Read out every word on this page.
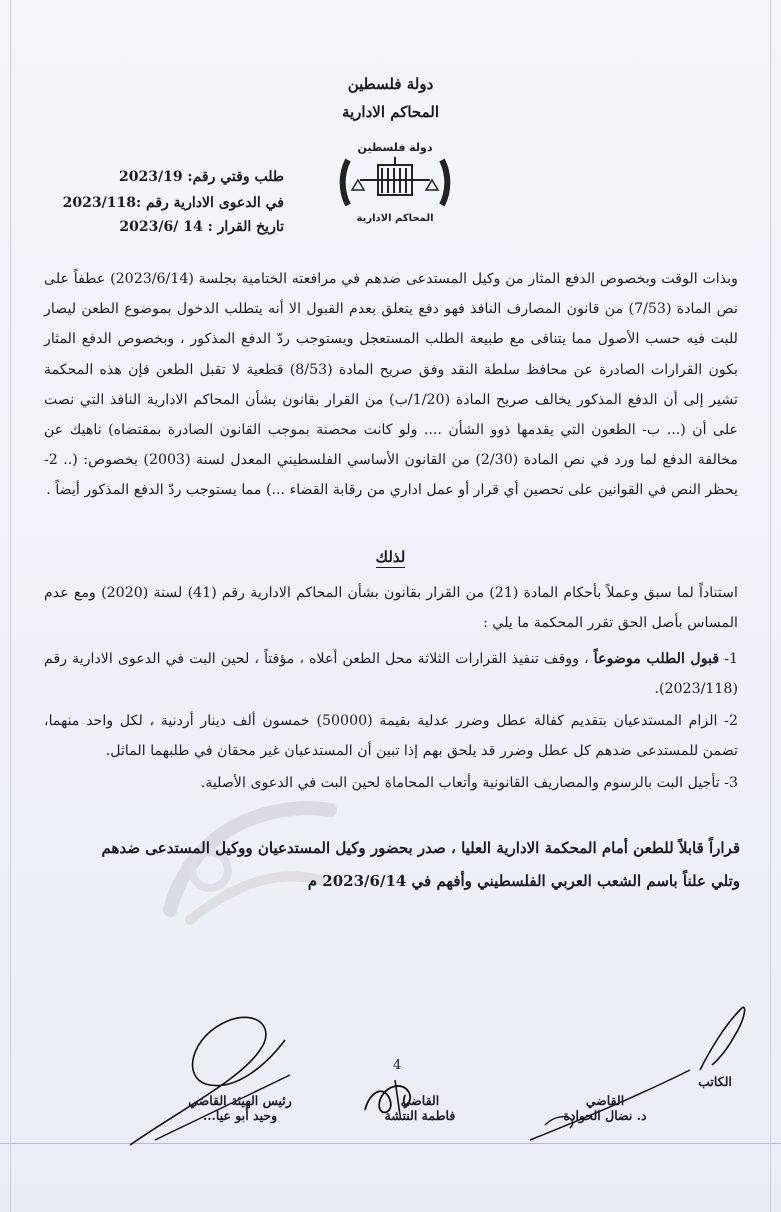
دولة فلسطين
المحاكم الادارية
دولة فلسطين
المحاكم الادارية
طلب وقتي رقم: 2023/19
في الدعوى الادارية رقم :2023/118
تاريخ القرار : 14 /2023/6
وبذات الوقت وبخصوص الدفع المثار من وكيل المستدعى ضدهم في مرافعته الختامية بجلسة (2023/6/14) عطفاً على نص المادة (7/53) من قانون المصارف النافذ فهو دفع يتعلق بعدم القبول الا أنه يتطلب الدخول بموضوع الطعن ليصار للبت فيه حسب الأصول مما يتنافى مع طبيعة الطلب المستعجل ويستوجب ردّ الدفع المذكور ، وبخصوص الدفع المثار بكون القرارات الصادرة عن محافظ سلطة النقد وفق صريح المادة (8/53) قطعية لا تقبل الطعن فإن هذه المحكمة تشير إلى أن الدفع المذكور يخالف صريح المادة (1/20/ب) من القرار بقانون بشأن المحاكم الادارية النافذ التي نصت على أن (... ب- الطعون التي يقدمها ذوو الشأن .... ولو كانت محصنة بموجب القانون الصادرة بمقتضاه) ناهيك عن مخالفة الدفع لما ورد في نص المادة (2/30) من القانون الأساسي الفلسطيني المعدل لسنة (2003) بخصوص: (.. 2- يحظر النص في القوانين على تحصين أي قرار أو عمل اداري من رقابة القضاء ...) مما يستوجب ردّ الدفع المذكور أيضاً .
لذلك
استناداً لما سبق وعملاً بأحكام المادة (21) من القرار بقانون بشأن المحاكم الادارية رقم (41) لسنة (2020) ومع عدم المساس بأصل الحق تقرر المحكمة ما يلي :
1- قبول الطلب موضوعاً ، ووقف تنفيذ القرارات الثلاثة محل الطعن أعلاه ، مؤقتاً ، لحين البت في الدعوى الادارية رقم (2023/118).
2- الزام المستدعيان بتقديم كفالة عطل وضرر عدلية بقيمة (50000) خمسون ألف دينار أردنية ، لكل واحد منهما، تضمن للمستدعى ضدهم كل عطل وضرر قد يلحق بهم إذا تبين أن المستدعيان غير محقان في طلبهما الماثل.
3- تأجيل البت بالرسوم والمصاريف القانونية وأتعاب المحاماة لحين البت في الدعوى الأصلية.
قراراً قابلاً للطعن أمام المحكمة الادارية العليا ، صدر بحضور وكيل المستدعيان ووكيل المستدعى ضدهم
وتلي علناً باسم الشعب العربي الفلسطيني وأفهم في 2023/6/14 م
4
رئيس الهيئة القاضي
وحيد أبو عيا...
القاضي
فاطمة النتشة
القاضي
د. نضال الحوادة
الكاتب
